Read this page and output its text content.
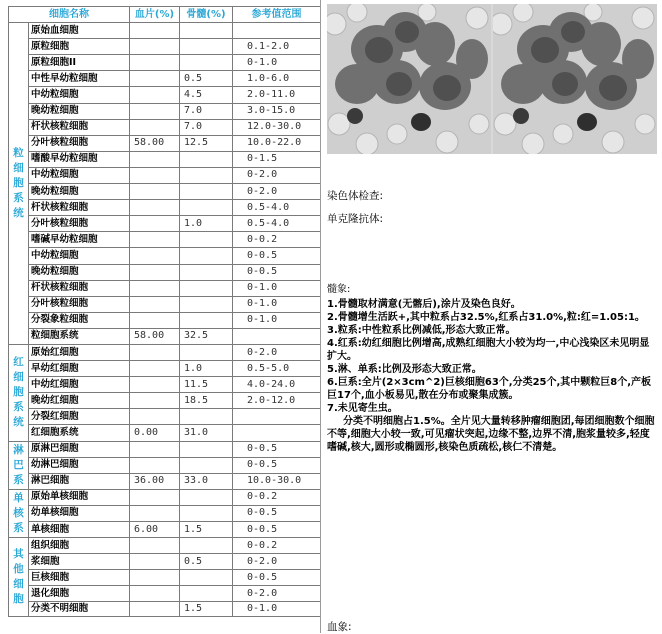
细胞名称		血片(%)	骨髓(%)	参考值范围

粒
细
胞
系
统	原始血细胞			
	原粒细胞			0.1-2.0
	原粒细胞II			0-1.0
	中性早幼粒细胞		0.5	1.0-6.0
	中幼粒细胞		4.5	2.0-11.0
	晚幼粒细胞		7.0	3.0-15.0
	杆状核粒细胞		7.0	12.0-30.0
	分叶核粒细胞	58.00	12.5	10.0-22.0
	嗜酸早幼粒细胞			0-1.5
	中幼粒细胞			0-2.0
	晚幼粒细胞			0-2.0
	杆状核粒细胞			0.5-4.0
	分叶核粒细胞		1.0	0.5-4.0
	嗜碱早幼粒细胞			0-0.2
	中幼粒细胞			0-0.5
	晚幼粒细胞			0-0.5
	杆状核粒细胞			0-1.0
	分叶核粒细胞			0-1.0
	分裂象粒细胞			0-1.0
	粒细胞系统	58.00	32.5	

红
细
胞
系
统	原始红细胞			0-2.0
	早幼红细胞		1.0	0.5-5.0
	中幼红细胞		11.5	4.0-24.0
	晚幼红细胞		18.5	2.0-12.0
	分裂红细胞			
	红细胞系统	0.00	31.0	

淋
巴
系	原淋巴细胞			0-0.5
	幼淋巴细胞			0-0.5
	淋巴细胞	36.00	33.0	10.0-30.0

单
核
系	原始单核细胞			0-0.2
	幼单核细胞			0-0.5
	单核细胞	6.00	1.5	0-0.5

其
他
细
胞	组织细胞			0-0.2
	浆细胞		0.5	0-2.0
	巨核细胞			0-0.5
	退化细胞			0-2.0
	分类不明细胞		1.5	0-1.0
染色体检查:
单克隆抗体:

髓象:

1.骨髓取材满意(无髂后),涂片及染色良好。

2.骨髓增生活跃+,其中粒系占32.5%,红系占31.0%,粒:红=1.05:1。

3.粒系:中性粒系比例减低,形态大致正常。

4.红系:幼红细胞比例增高,成熟红细胞大小较为均一,中心浅染区未见明显扩大。

5.淋、单系:比例及形态大致正常。

6.巨系:全片(2×3cm^2)巨核细胞63个,分类25个,其中颗粒巨8个,产板巨17个,血小板易见,散在分布或聚集成簇。

7.未见寄生虫。

分类不明细胞占1.5%。全片见大量转移肿瘤细胞团,每团细胞数个细胞不等,细胞大小较一致,可见瘤状突起,边缘不整,边界不清,胞浆量较多,轻度嗜碱,核大,圆形或椭圆形,核染色质疏松,核仁不清楚。

血象:
